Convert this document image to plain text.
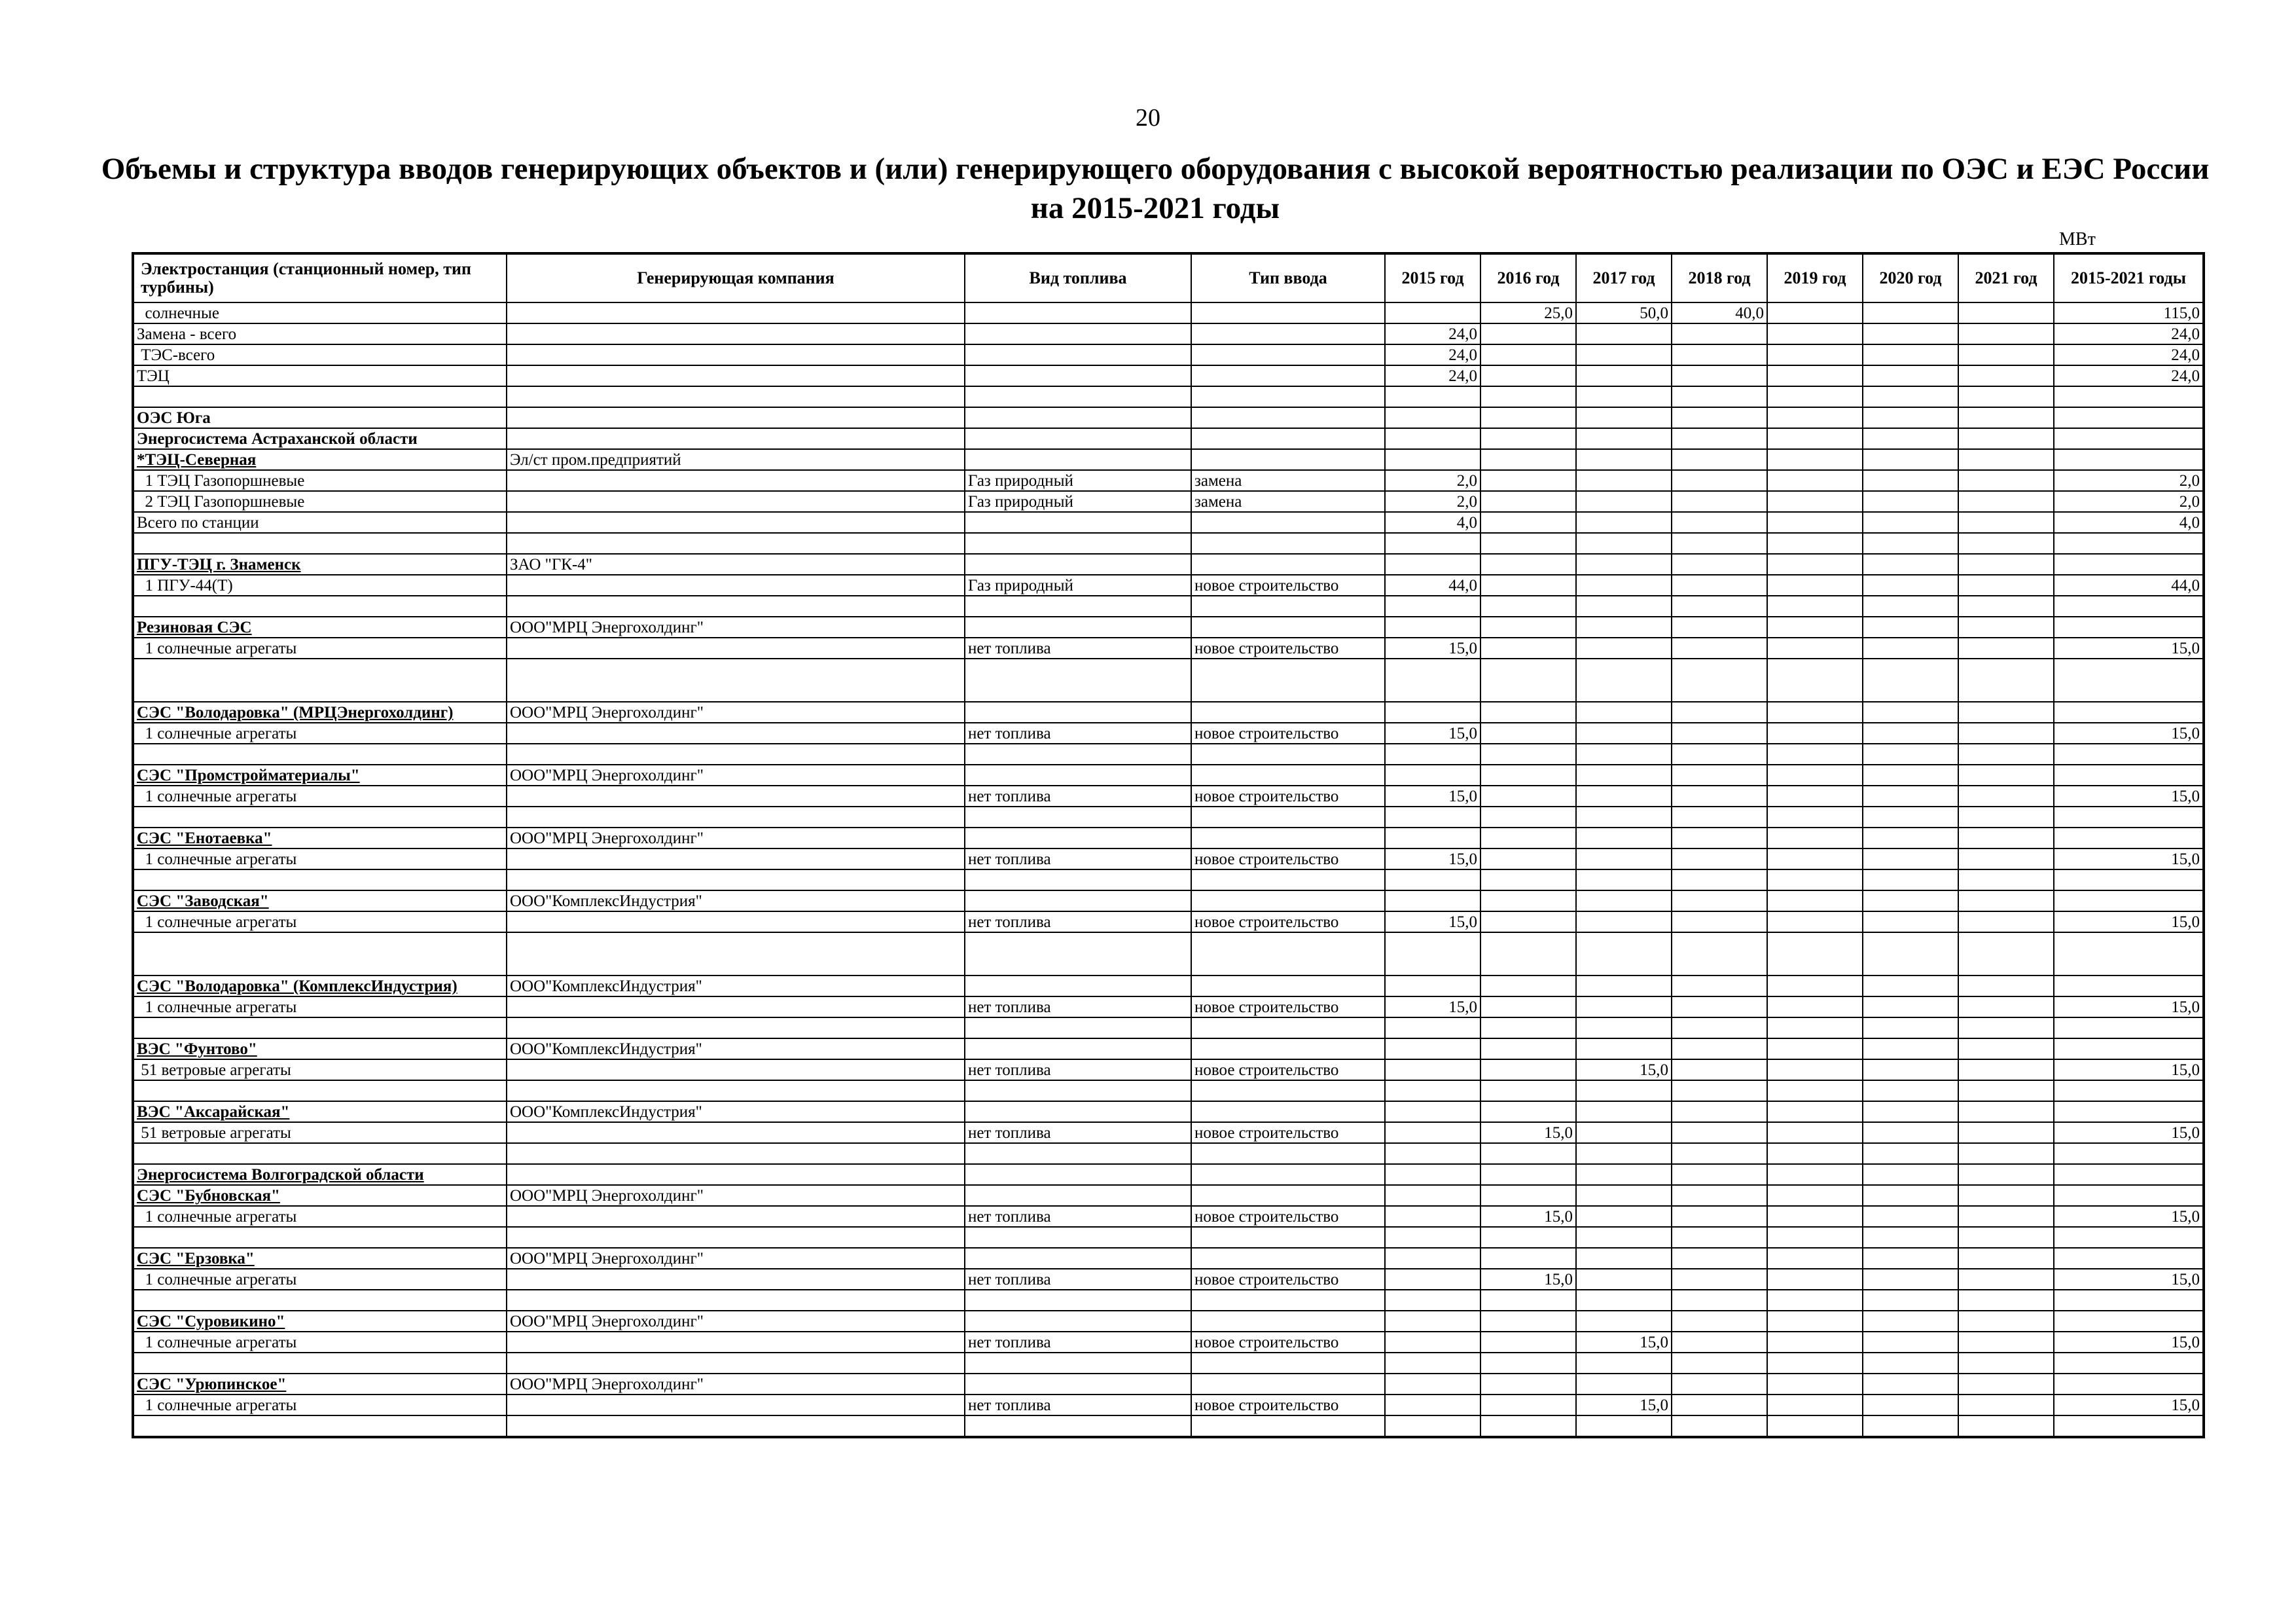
20
Объемы и структура вводов генерирующих объектов и (или) генерирующего оборудования с высокой вероятностью реализации по ОЭС и ЕЭС России на 2015-2021 годы
МВт
Электростанция (станционный номер, тип турбины)	Генерирующая компания	Вид топлива	Тип ввода	2015 год	2016 год	2017 год	2018 год	2019 год	2020 год	2021 год	2015-2021 годы
солнечные					25,0	50,0	40,0				115,0
Замена - всего				24,0							24,0
ТЭС-всего				24,0							24,0
ТЭЦ				24,0							24,0

ОЭС Юга											
Энергосистема Астраханской области											
*ТЭЦ-Северная	Эл/ст пром.предприятий										
1 ТЭЦ Газопоршневые		Газ природный	замена	2,0							2,0
2 ТЭЦ Газопоршневые		Газ природный	замена	2,0							2,0
Всего по станции				4,0							4,0

ПГУ-ТЭЦ г. Знаменск	ЗАО "ГК-4"										
1 ПГУ-44(Т)		Газ природный	новое строительство	44,0							44,0

Резиновая СЭС	ООО"МРЦ Энергохолдинг"										
1 солнечные агрегаты		нет топлива	новое строительство	15,0							15,0

СЭС "Володаровка" (МРЦЭнергохолдинг)	ООО"МРЦ Энергохолдинг"										
1 солнечные агрегаты		нет топлива	новое строительство	15,0							15,0

СЭС "Промстройматериалы"	ООО"МРЦ Энергохолдинг"										
1 солнечные агрегаты		нет топлива	новое строительство	15,0							15,0

СЭС "Енотаевка"	ООО"МРЦ Энергохолдинг"										
1 солнечные агрегаты		нет топлива	новое строительство	15,0							15,0

СЭС "Заводская"	ООО"КомплексИндустрия"										
1 солнечные агрегаты		нет топлива	новое строительство	15,0							15,0

СЭС "Володаровка" (КомплексИндустрия)	ООО"КомплексИндустрия"										
1 солнечные агрегаты		нет топлива	новое строительство	15,0							15,0

ВЭС "Фунтово"	ООО"КомплексИндустрия"										
51 ветровые агрегаты		нет топлива	новое строительство			15,0					15,0

ВЭС "Аксарайская"	ООО"КомплексИндустрия"										
51 ветровые агрегаты		нет топлива	новое строительство		15,0						15,0

Энергосистема Волгоградской области											
СЭС "Бубновская"	ООО"МРЦ Энергохолдинг"										
1 солнечные агрегаты		нет топлива	новое строительство		15,0						15,0

СЭС "Ерзовка"	ООО"МРЦ Энергохолдинг"										
1 солнечные агрегаты		нет топлива	новое строительство		15,0						15,0

СЭС "Суровикино"	ООО"МРЦ Энергохолдинг"										
1 солнечные агрегаты		нет топлива	новое строительство			15,0					15,0

СЭС "Урюпинское"	ООО"МРЦ Энергохолдинг"										
1 солнечные агрегаты		нет топлива	новое строительство			15,0					15,0
